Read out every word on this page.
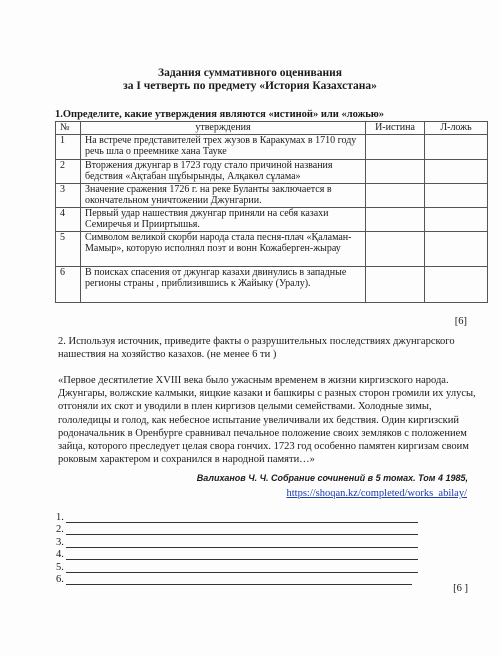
Задания суммативного оценивания
за I четверть по предмету «История Казахстана»
1.Определите, какие утверждения являются «истиной» или «ложью»
№	утверждения	И-истина	Л-ложь
1	На встрече представителей трех жузов в Каракумах в 1710 году речь шла о преемнике хана Тауке		
2	Вторжения джунгар в 1723 году стало причиной названия бедствия «Ақтабан шұбырынды, Алқакөл сұлама»		
3	Значение сражения 1726 г. на реке Буланты заключается в окончательном уничтожении Джунгарии.		
4	Первый удар нашествия джунгар приняли на себя казахи Семиречья и Прииртышья.		
5	Символом великой скорби народа стала песня-плач «Қаламан-Мамыр», которую исполнял поэт и вонн Кожаберген-жырау		
6	В поисках спасения от джунгар казахи двинулись в западные регионы страны , приблизившись к Жайыку (Уралу).		
[6]
2. Используя источник, приведите факты о разрушительных последствиях джунгарского нашествия на хозяйство казахов. (не менее 6 ти )
«Первое десятилетие XVIII века было ужасным временем в жизни киргизского народа. Джунгары, волжские калмыки, яицкие казаки и башкиры с разных сторон громили их улусы, отгоняли их скот и уводили в плен киргизов целыми семействами. Холодные зимы, гололедицы и голод, как небесное испытание увеличивали их бедствия. Один киргизский родоначальник в Оренбурге сравнивал печальное положение своих земляков с положением зайца, которого преследует целая свора гончих. 1723 год особенно памятен киргизам своим роковым характером и сохранился в народной памяти…»
Валиханов Ч. Ч. Собрание сочинений в 5 томах. Том 4 1985,
https://shoqan.kz/completed/works_abilay/
1.
2.
3.
4.
5.
6.
[6 ]
